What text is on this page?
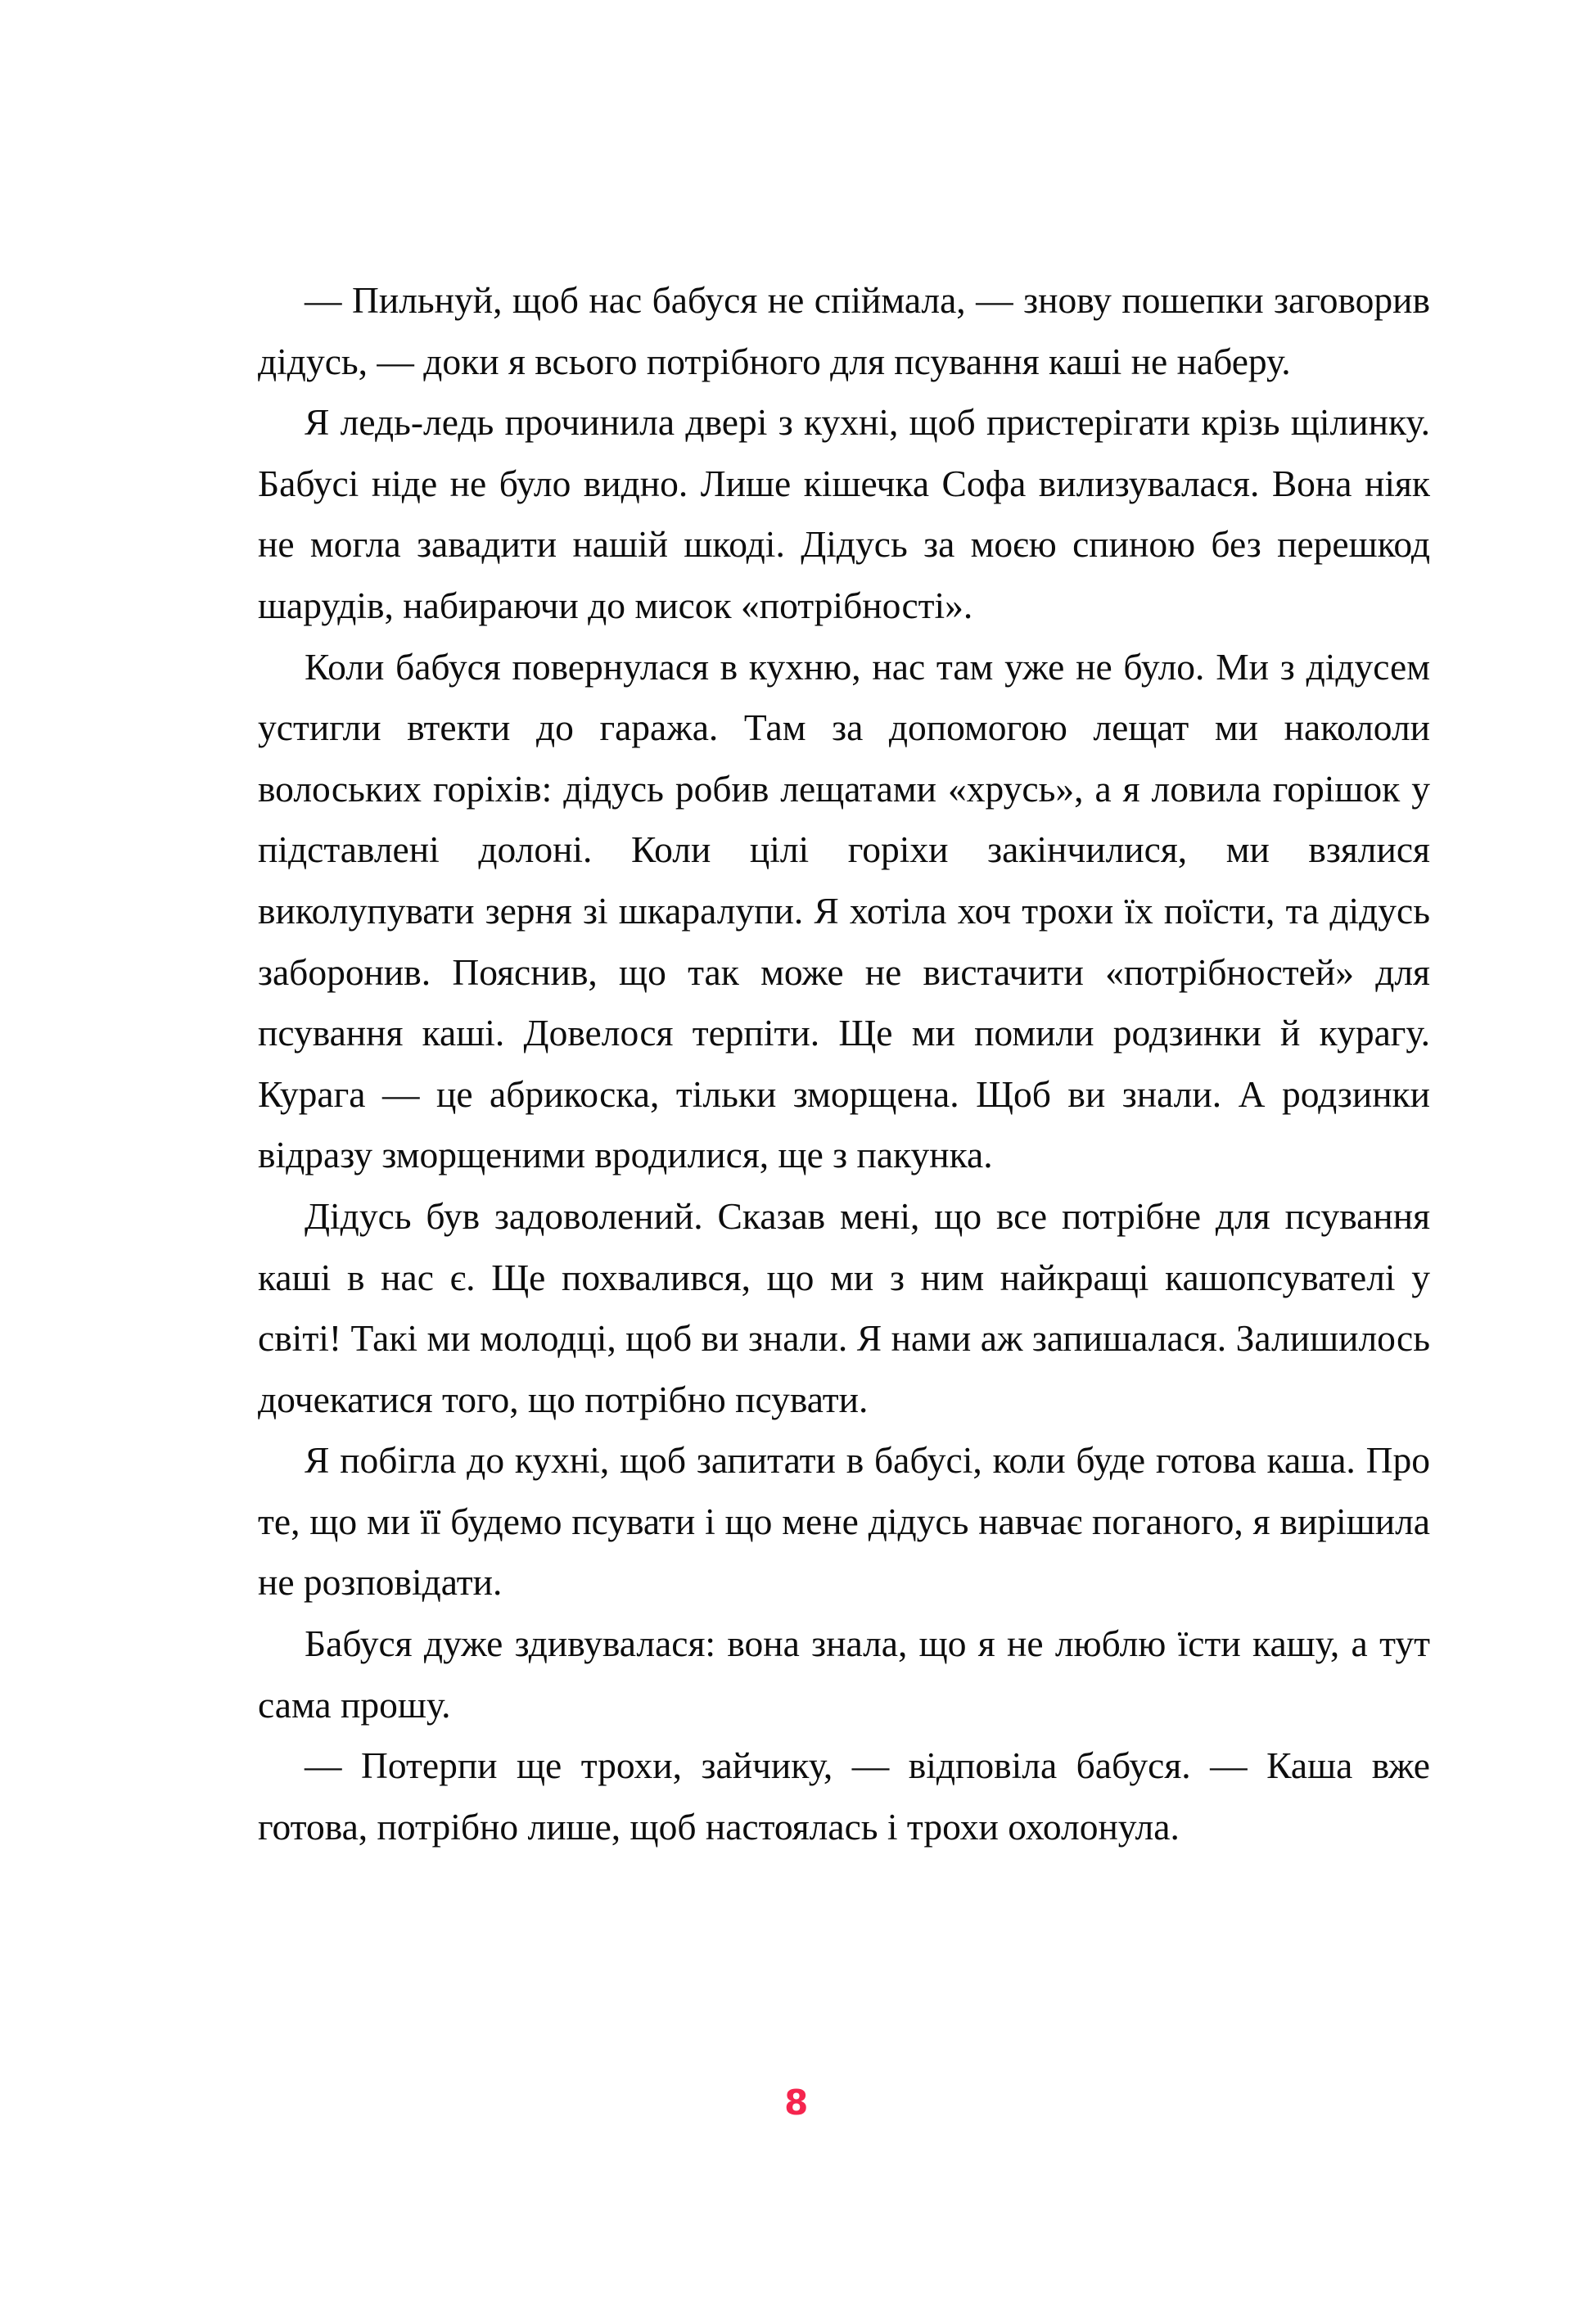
— Пильнуй, щоб нас бабуся не спіймала, — знову пошепки заговорив дідусь, — доки я всього потрібного для псування каші не наберу.

Я ледь-ледь прочинила двері з кухні, щоб пристерігати крізь щілинку. Бабусі ніде не було видно. Лише кішечка Софа вилизувалася. Вона ніяк не могла завадити нашій шкоді. Дідусь за моєю спиною без перешкод шарудів, набираючи до мисок «потрібності».

Коли бабуся повернулася в кухню, нас там уже не було. Ми з дідусем устигли втекти до гаража. Там за допомогою лещат ми накололи волоських горіхів: дідусь робив лещатами «хрусь», а я ловила горішок у підставлені долоні. Коли цілі горіхи закінчилися, ми взялися виколупувати зерня зі шкаралупи. Я хотіла хоч трохи їх поїсти, та дідусь заборонив. Пояснив, що так може не вистачити «потрібностей» для псування каші. Довелося терпіти. Ще ми помили родзинки й курагу. Курага — це абрикоска, тільки зморщена. Щоб ви знали. А родзинки відразу зморщеними вродилися, ще з пакунка.

Дідусь був задоволений. Сказав мені, що все потрібне для псування каші в нас є. Ще похвалився, що ми з ним найкращі кашопсувателі у світі! Такі ми молодці, щоб ви знали. Я нами аж запишалася. Залишилось дочекатися того, що потрібно псувати.

Я побігла до кухні, щоб запитати в бабусі, коли буде готова каша. Про те, що ми її будемо псувати і що мене дідусь навчає поганого, я вирішила не розповідати.

Бабуся дуже здивувалася: вона знала, що я не люблю їсти кашу, а тут сама прошу.

— Потерпи ще трохи, зайчику, — відповіла бабуся. — Каша вже готова, потрібно лише, щоб настоялась і трохи охолонула.

8
